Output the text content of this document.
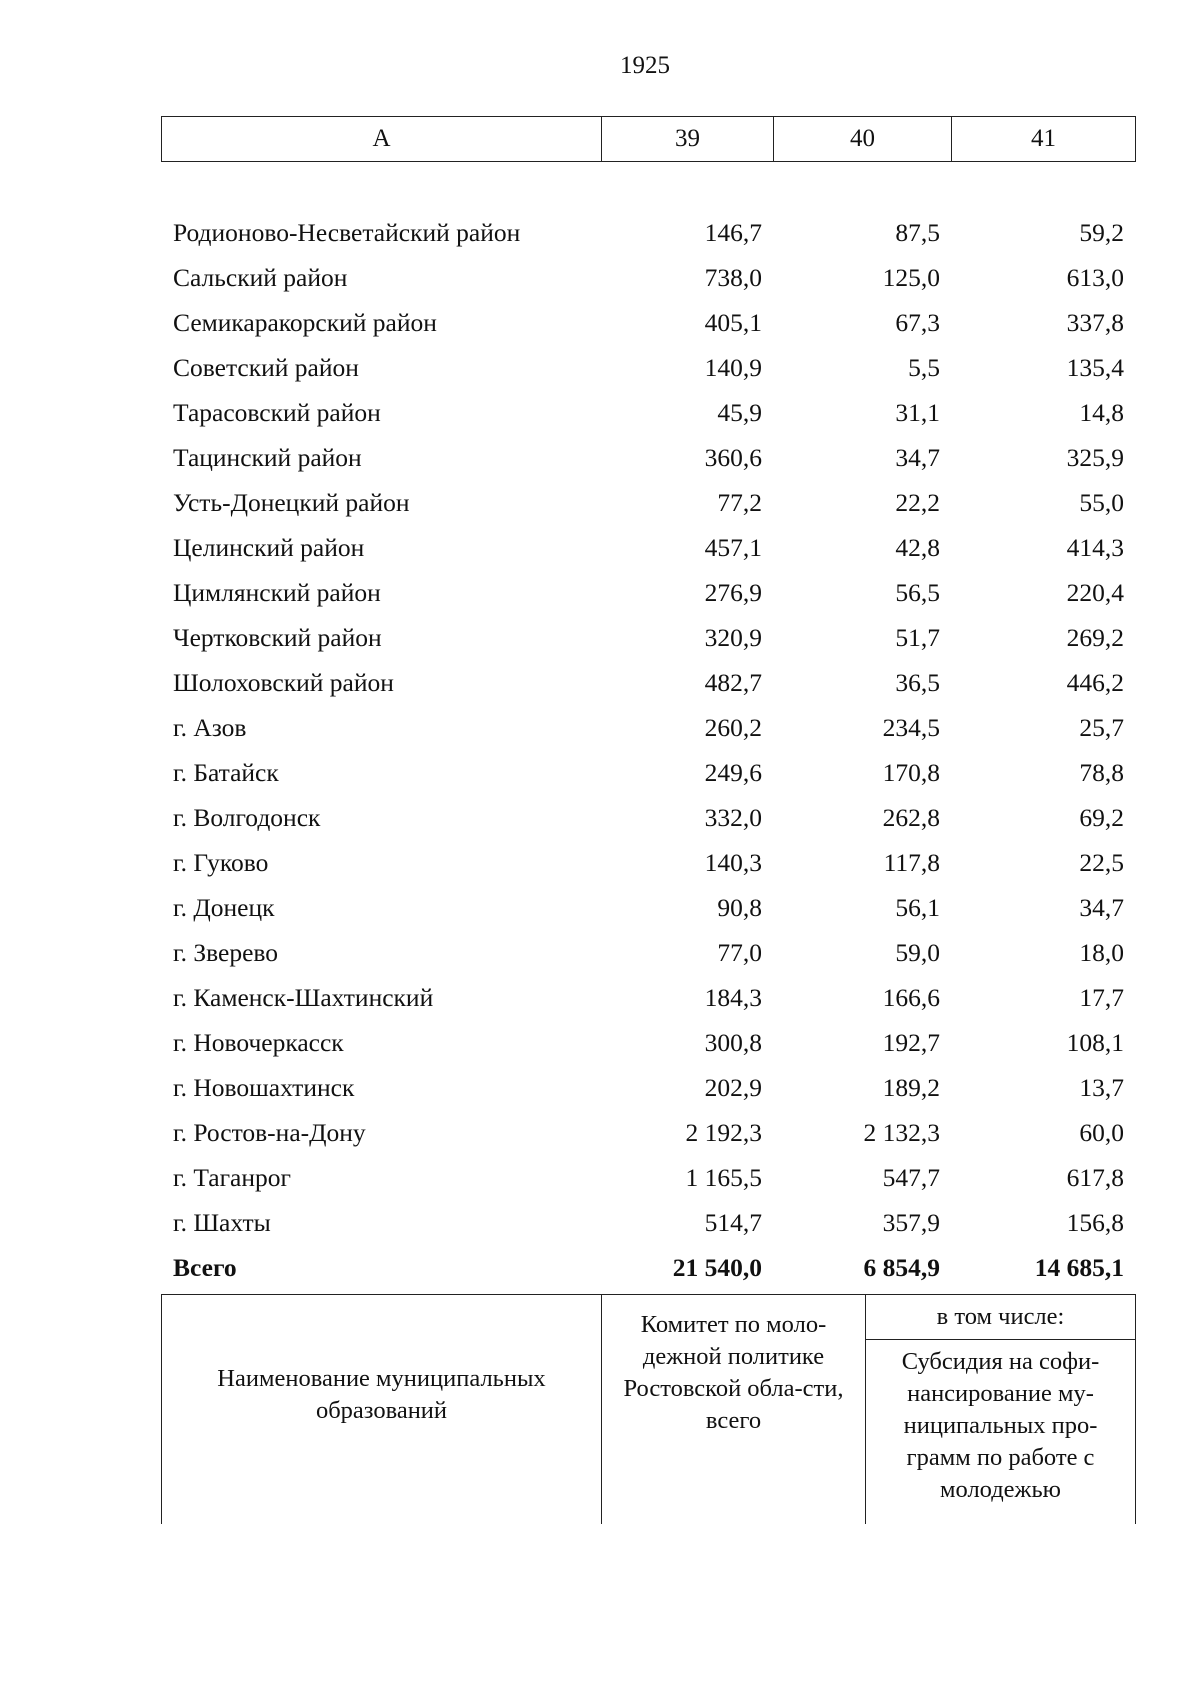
1925
А	39	40	41
Родионово-Несветайский район	146,7	87,5	59,2
Сальский район	738,0	125,0	613,0
Семикаракорский район	405,1	67,3	337,8
Советский район	140,9	5,5	135,4
Тарасовский район	45,9	31,1	14,8
Тацинский район	360,6	34,7	325,9
Усть-Донецкий район	77,2	22,2	55,0
Целинский район	457,1	42,8	414,3
Цимлянский район	276,9	56,5	220,4
Чертковский район	320,9	51,7	269,2
Шолоховский район	482,7	36,5	446,2
г. Азов	260,2	234,5	25,7
г. Батайск	249,6	170,8	78,8
г. Волгодонск	332,0	262,8	69,2
г. Гуково	140,3	117,8	22,5
г. Донецк	90,8	56,1	34,7
г. Зверево	77,0	59,0	18,0
г. Каменск-Шахтинский	184,3	166,6	17,7
г. Новочеркасск	300,8	192,7	108,1
г. Новошахтинск	202,9	189,2	13,7
г. Ростов-на-Дону	2 192,3	2 132,3	60,0
г. Таганрог	1 165,5	547,7	617,8
г. Шахты	514,7	357,9	156,8
Всего	21 540,0	6 854,9	14 685,1
Наименование муниципальных образований	Комитет по моло-дежной политике Ростовской обла-сти, всего	в том числе:
Субсидия на софи-нансирование му-ниципальных про-грамм по работе с молодежью
